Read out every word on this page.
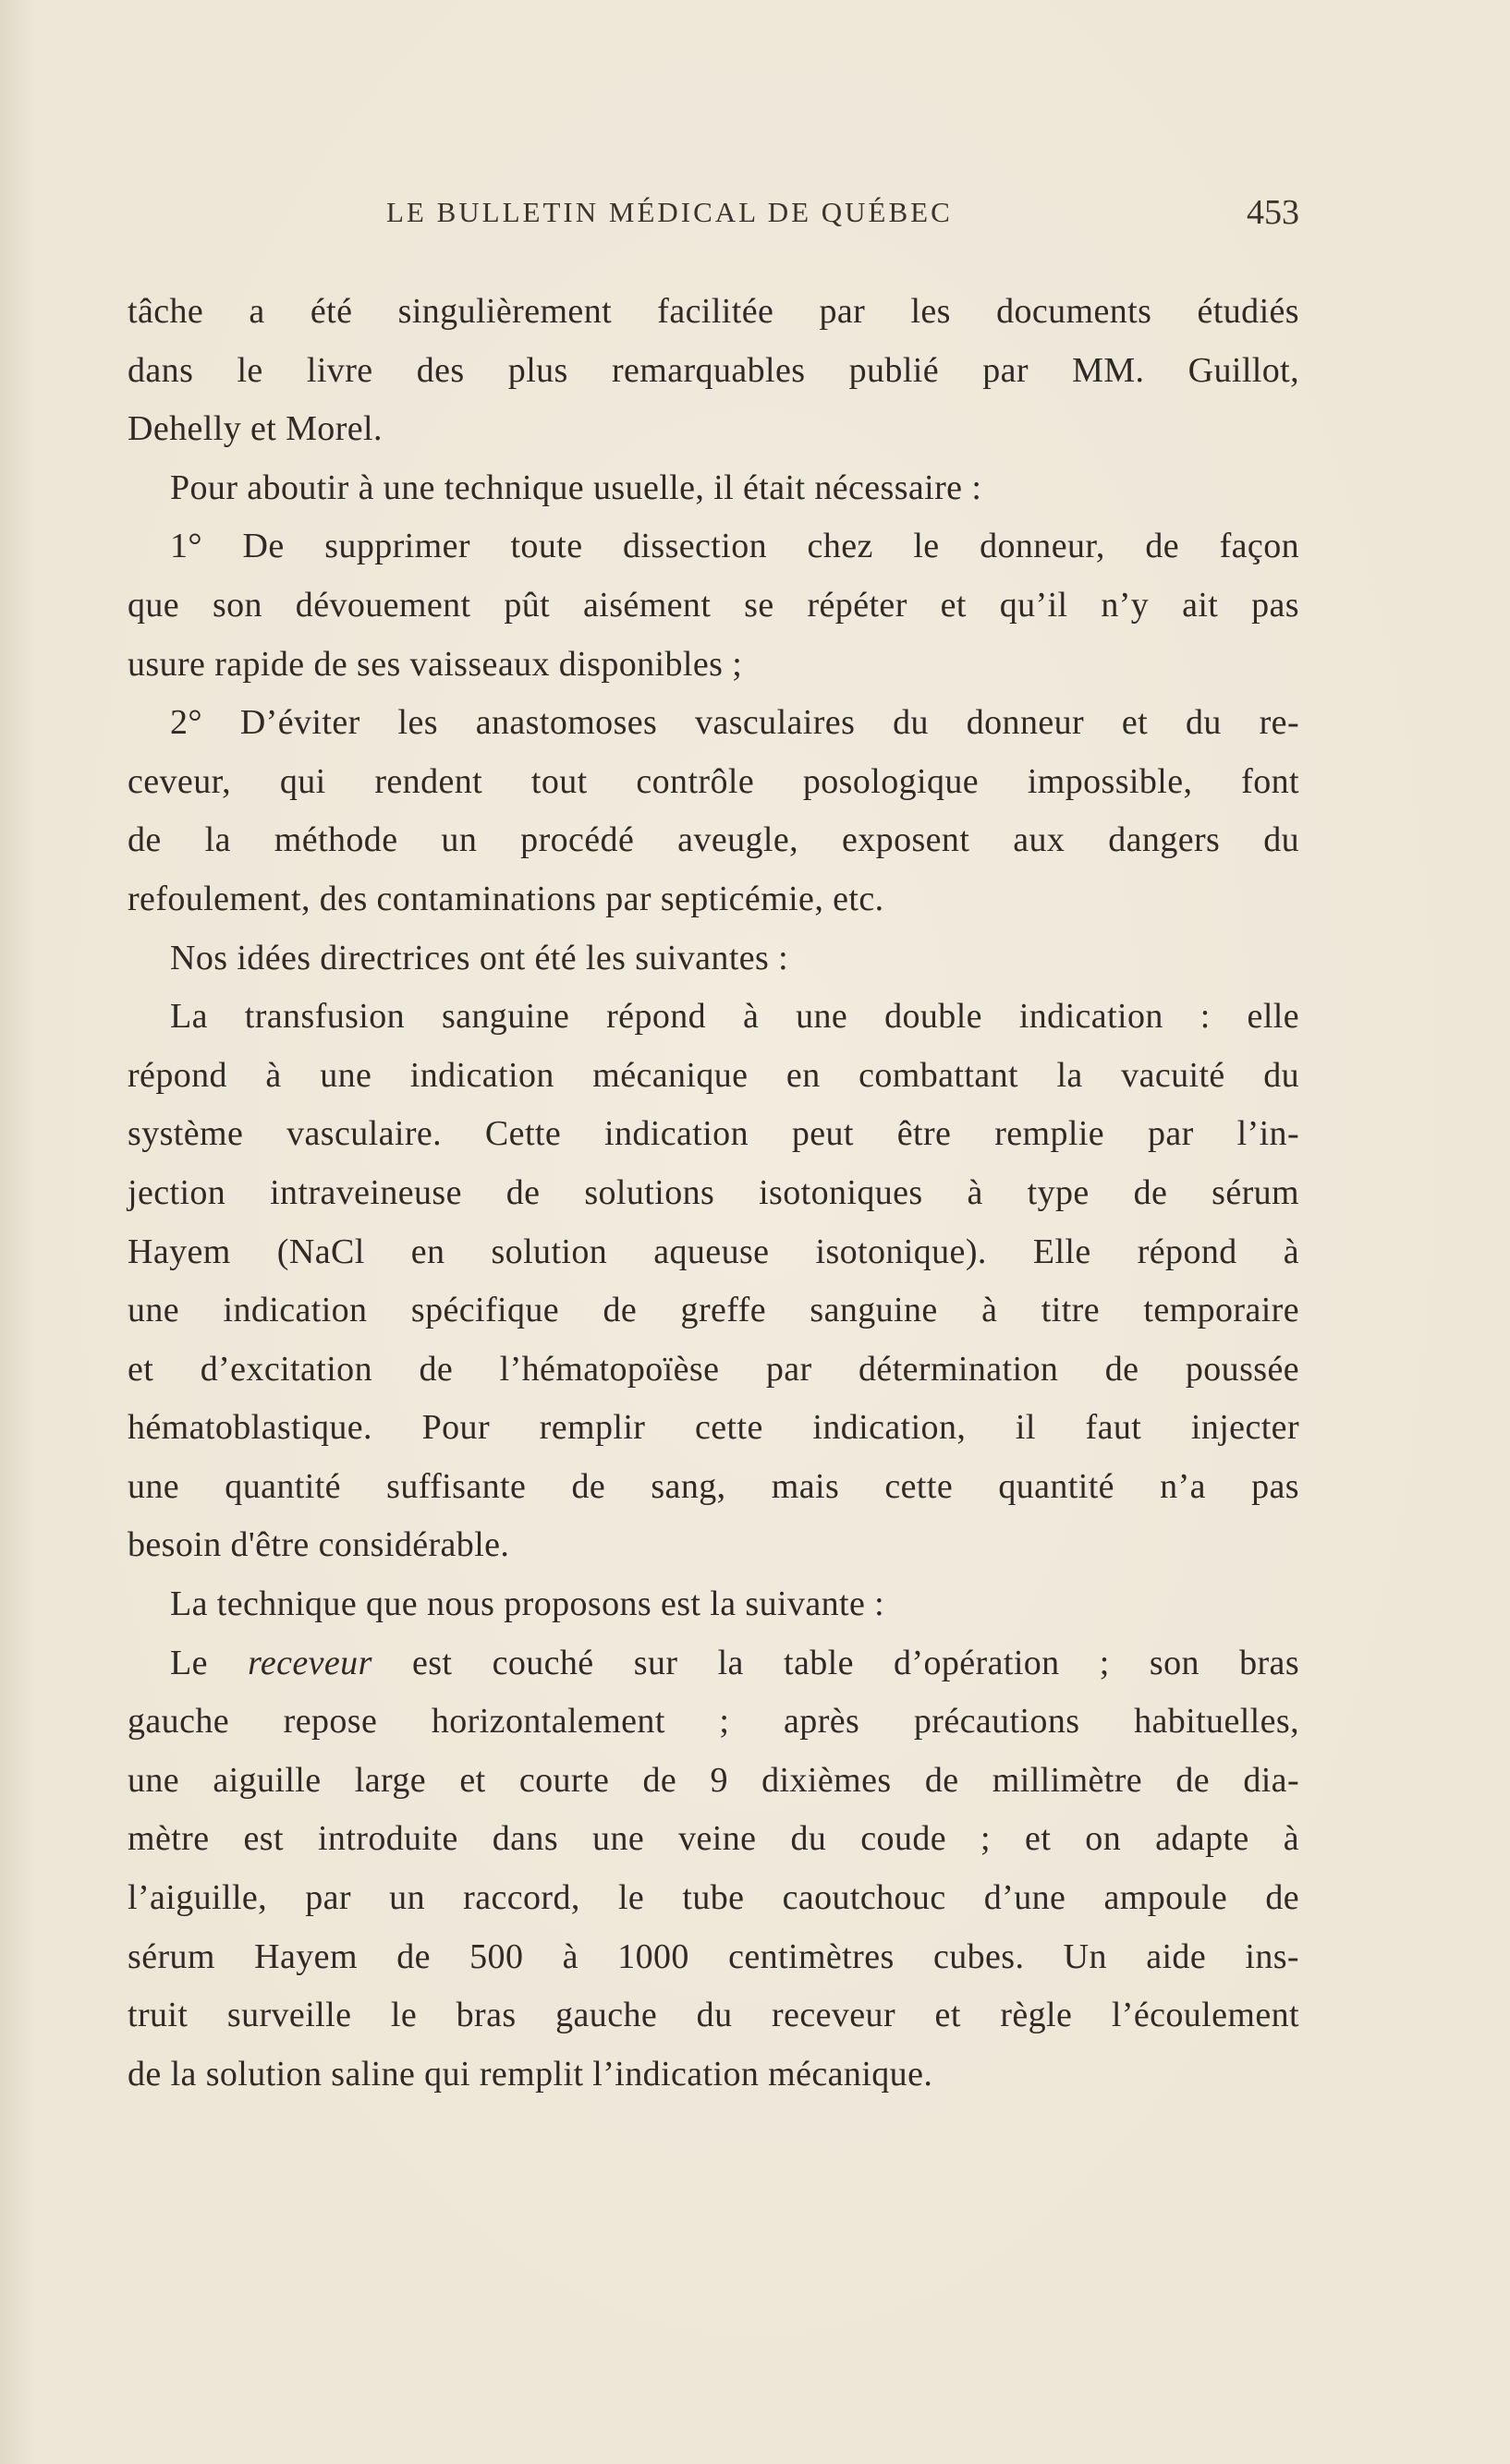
LE BULLETIN MÉDICAL DE QUÉBEC	453
tâche a été singulièrement facilitée par les documents étudiés
dans le livre des plus remarquables publié par MM. Guillot,
Dehelly et Morel.
Pour aboutir à une technique usuelle, il était nécessaire :
1° De supprimer toute dissection chez le donneur, de façon
que son dévouement pût aisément se répéter et qu’il n’y ait pas
usure rapide de ses vaisseaux disponibles ;
2° D’éviter les anastomoses vasculaires du donneur et du re-
ceveur, qui rendent tout contrôle posologique impossible, font
de la méthode un procédé aveugle, exposent aux dangers du
refoulement, des contaminations par septicémie, etc.
Nos idées directrices ont été les suivantes :
La transfusion sanguine répond à une double indication : elle
répond à une indication mécanique en combattant la vacuité du
système vasculaire. Cette indication peut être remplie par l’in-
jection intraveineuse de solutions isotoniques à type de sérum
Hayem (NaCl en solution aqueuse isotonique). Elle répond à
une indication spécifique de greffe sanguine à titre temporaire
et d’excitation de l’hématopoïèse par détermination de poussée
hématoblastique. Pour remplir cette indication, il faut injecter
une quantité suffisante de sang, mais cette quantité n’a pas
besoin d'être considérable.
La technique que nous proposons est la suivante :
Le receveur est couché sur la table d’opération ; son bras
gauche repose horizontalement ; après précautions habituelles,
une aiguille large et courte de 9 dixièmes de millimètre de dia-
mètre est introduite dans une veine du coude ; et on adapte à
l’aiguille, par un raccord, le tube caoutchouc d’une ampoule de
sérum Hayem de 500 à 1000 centimètres cubes. Un aide ins-
truit surveille le bras gauche du receveur et règle l’écoulement
de la solution saline qui remplit l’indication mécanique.
